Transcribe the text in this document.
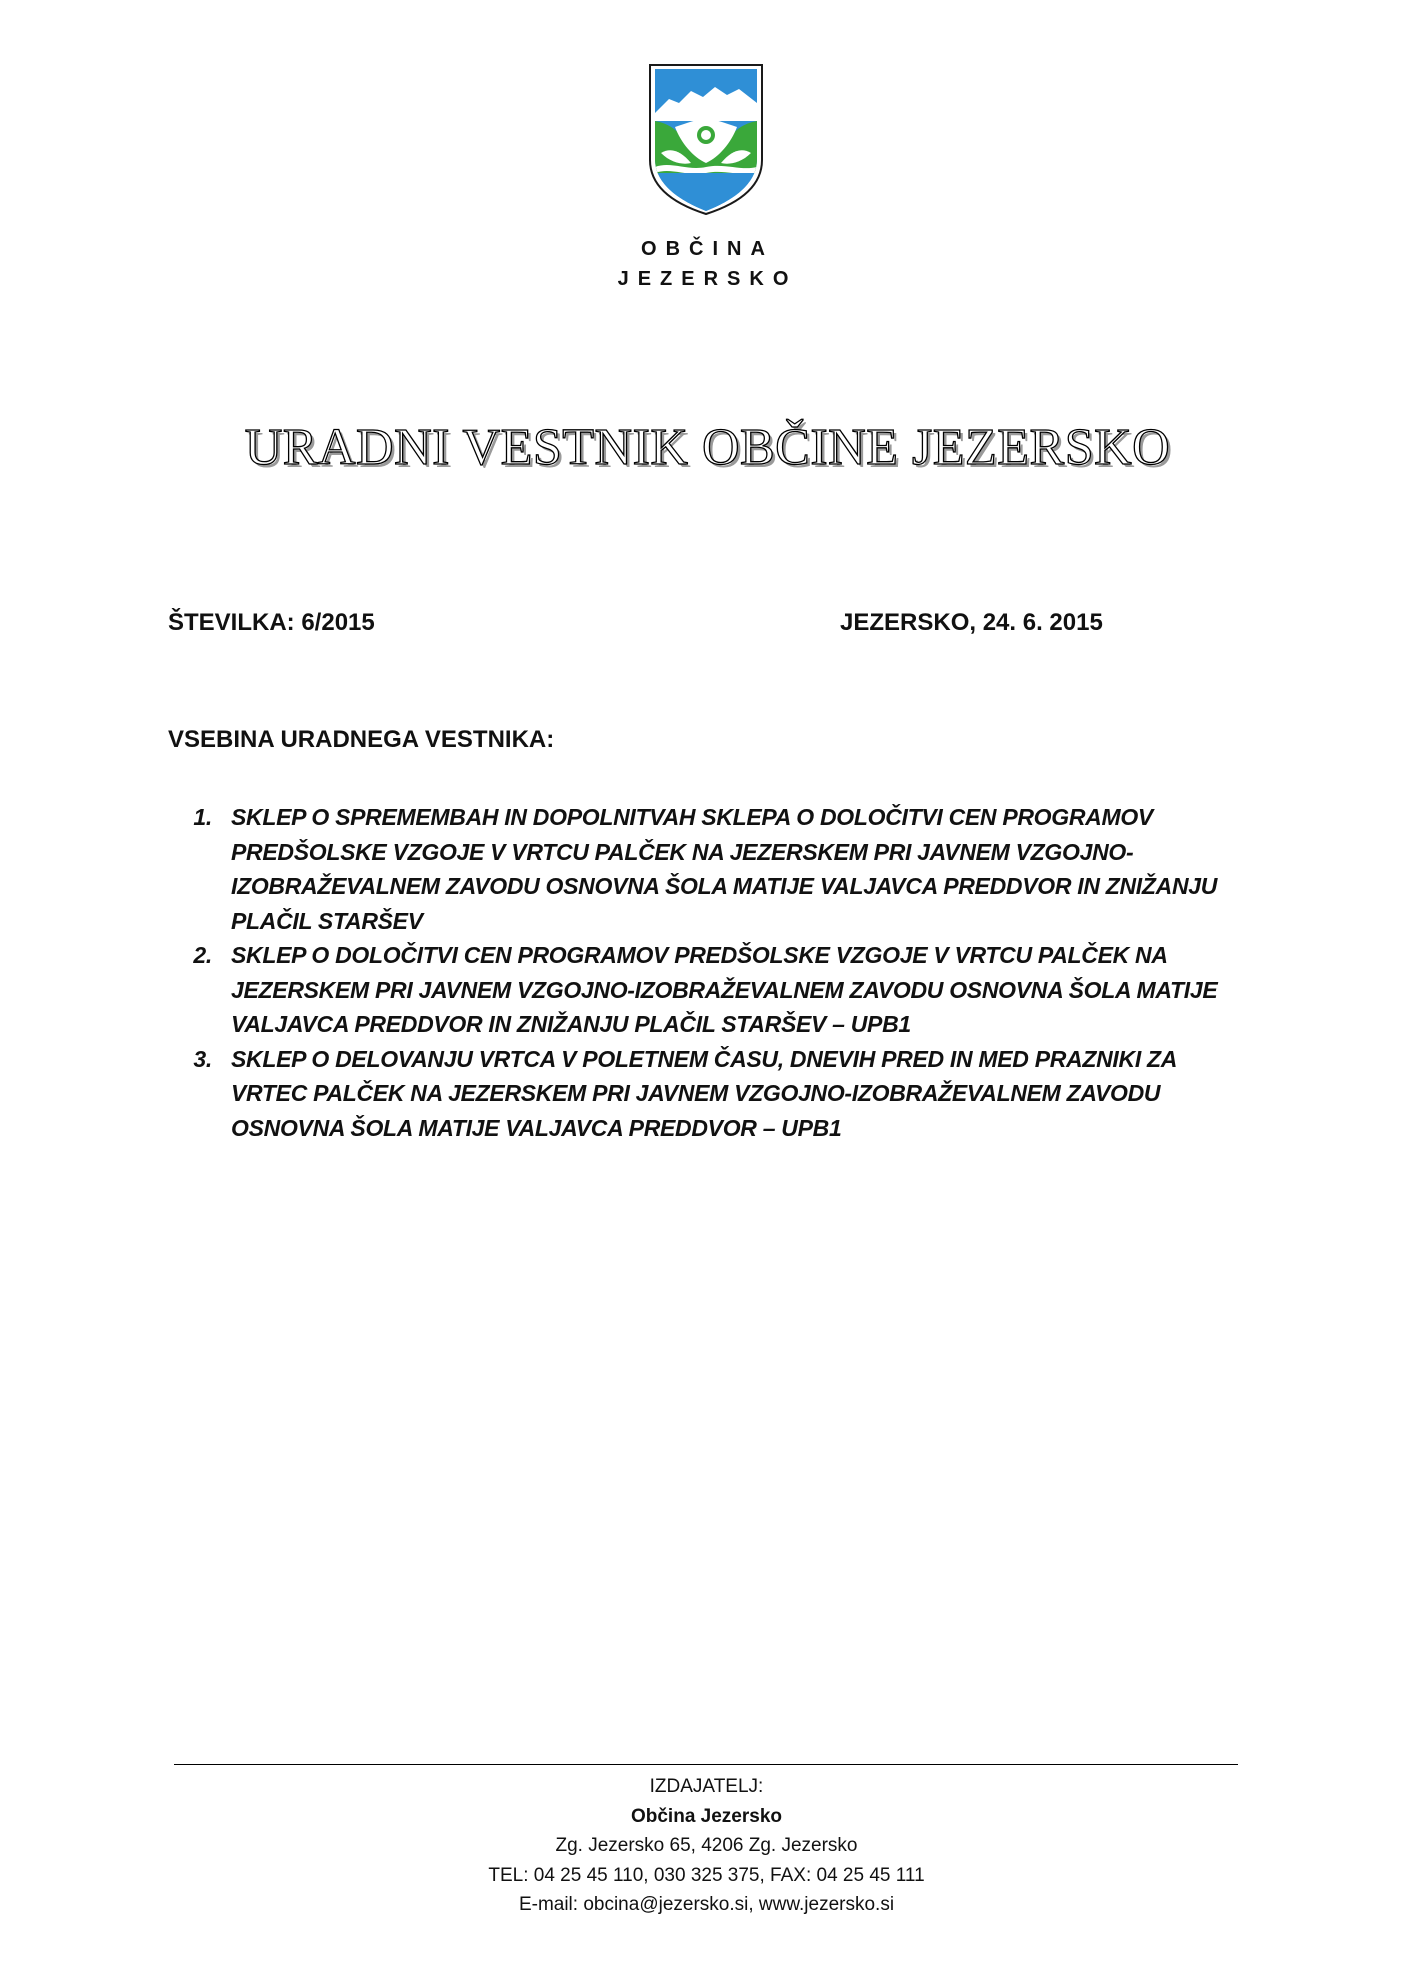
OBČINA
JEZERSKO
URADNI VESTNIK OBČINE JEZERSKO
ŠTEVILKA: 6/2015	JEZERSKO, 24. 6. 2015
VSEBINA URADNEGA VESTNIKA:
1. SKLEP O SPREMEMBAH IN DOPOLNITVAH SKLEPA O DOLOČITVI CEN PROGRAMOV PREDŠOLSKE VZGOJE V VRTCU PALČEK NA JEZERSKEM PRI JAVNEM VZGOJNO-IZOBRAŽEVALNEM ZAVODU OSNOVNA ŠOLA MATIJE VALJAVCA PREDDVOR IN ZNIŽANJU PLAČIL STARŠEV
2. SKLEP O DOLOČITVI CEN PROGRAMOV PREDŠOLSKE VZGOJE V VRTCU PALČEK NA JEZERSKEM PRI JAVNEM VZGOJNO-IZOBRAŽEVALNEM ZAVODU OSNOVNA ŠOLA MATIJE VALJAVCA PREDDVOR IN ZNIŽANJU PLAČIL STARŠEV – UPB1
3. SKLEP O DELOVANJU VRTCA V POLETNEM ČASU, DNEVIH PRED IN MED PRAZNIKI ZA VRTEC PALČEK NA JEZERSKEM PRI JAVNEM VZGOJNO-IZOBRAŽEVALNEM ZAVODU OSNOVNA ŠOLA MATIJE VALJAVCA PREDDVOR – UPB1
IZDAJATELJ:
Občina Jezersko
Zg. Jezersko 65, 4206 Zg. Jezersko
TEL: 04 25 45 110, 030 325 375, FAX: 04 25 45 111
E-mail: obcina@jezersko.si, www.jezersko.si
